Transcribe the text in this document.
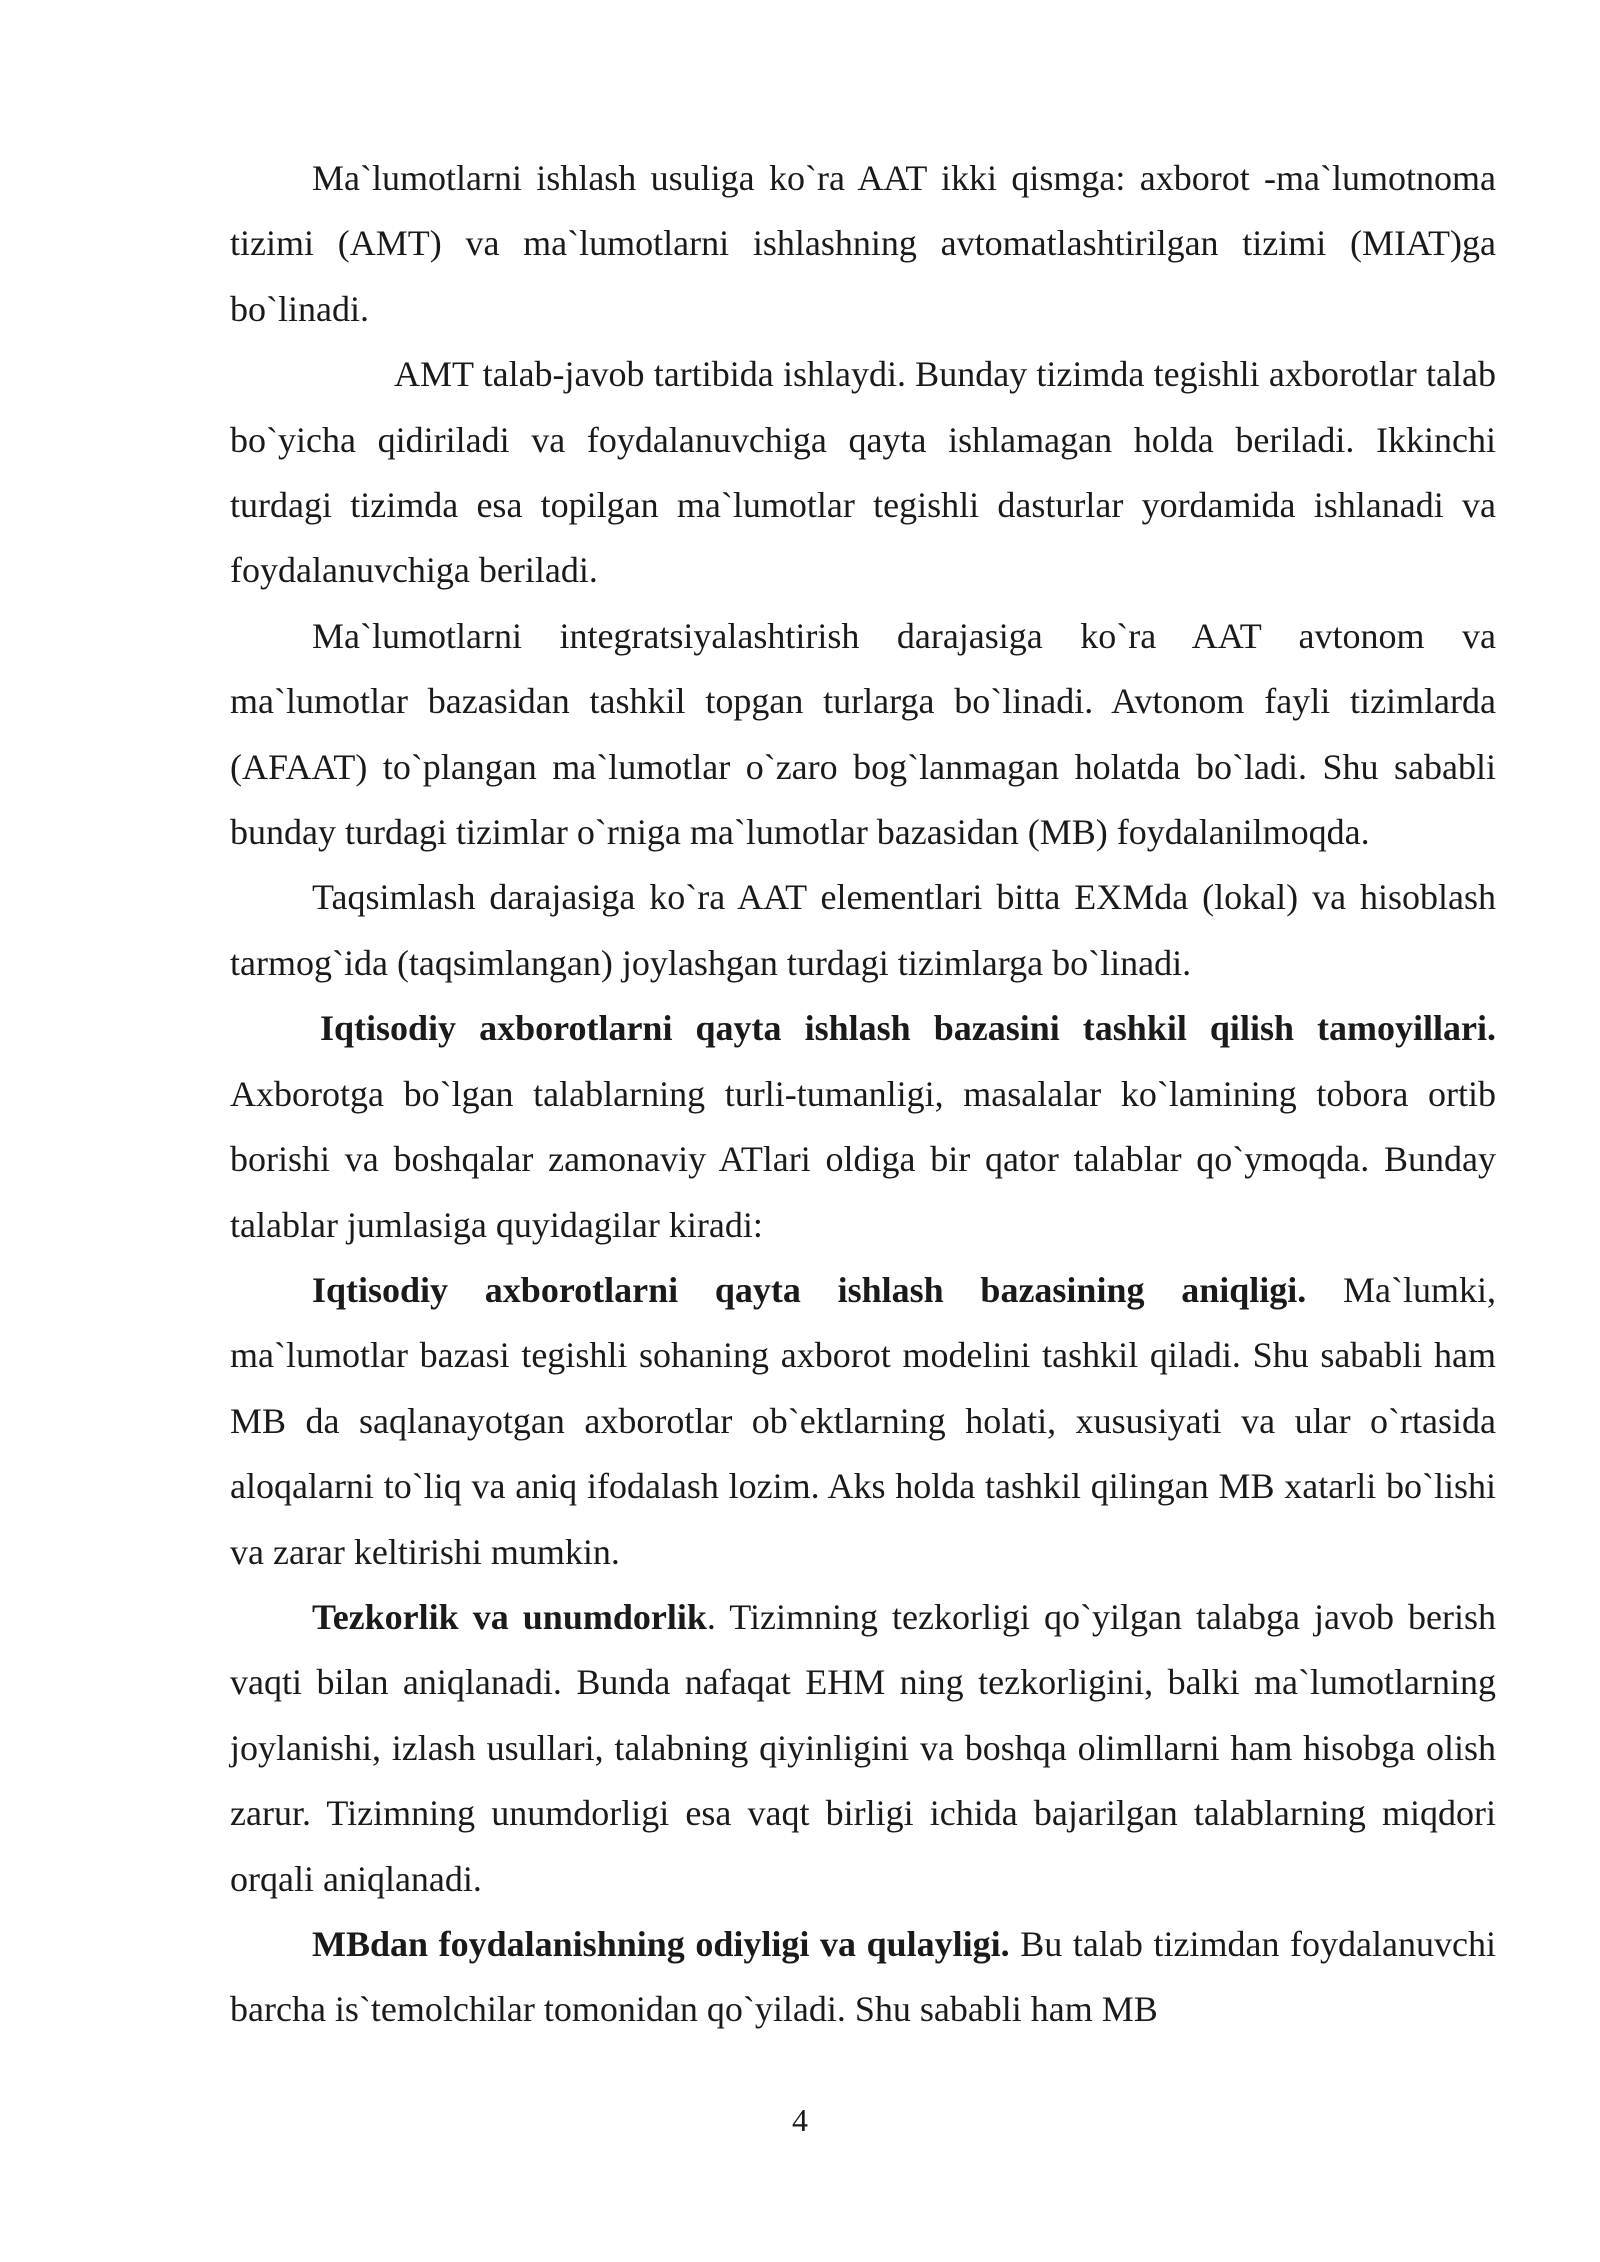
Ma`lumotlarni ishlash usuliga ko`ra AAT ikki qismga: axborot -ma`lumotnoma tizimi (AMT) va ma`lumotlarni ishlashning avtomatlashtirilgan tizimi (MIAT)ga bo`linadi.

AMT talab-javob tartibida ishlaydi. Bunday tizimda tegishli axborotlar talab bo`yicha qidiriladi va foydalanuvchiga qayta ishlamagan holda beriladi. Ikkinchi turdagi tizimda esa topilgan ma`lumotlar tegishli dasturlar yordamida ishlanadi va foydalanuvchiga beriladi.

Ma`lumotlarni integratsiyalashtirish darajasiga ko`ra AAT avtonom va ma`lumotlar bazasidan tashkil topgan turlarga bo`linadi. Avtonom fayli tizimlarda (AFAAT) to`plangan ma`lumotlar o`zaro bog`lanmagan holatda bo`ladi. Shu sababli bunday turdagi tizimlar o`rniga ma`lumotlar bazasidan (MB) foydalanilmoqda.

Taqsimlash darajasiga ko`ra AAT elementlari bitta EXMda (lokal) va hisoblash tarmog`ida (taqsimlangan) joylashgan turdagi tizimlarga bo`linadi.

Iqtisodiy axborotlarni qayta ishlash bazasini tashkil qilish tamoyillari. Axborotga bo`lgan talablarning turli-tumanligi, masalalar ko`lamining tobora ortib borishi va boshqalar zamonaviy ATlari oldiga bir qator talablar qo`ymoqda. Bunday talablar jumlasiga quyidagilar kiradi:

Iqtisodiy axborotlarni qayta ishlash bazasining aniqligi. Ma`lumki, ma`lumotlar bazasi tegishli sohaning axborot modelini tashkil qiladi. Shu sababli ham MB da saqlanayotgan axborotlar ob`ektlarning holati, xususiyati va ular o`rtasida aloqalarni to`liq va aniq ifodalash lozim. Aks holda tashkil qilingan MB xatarli bo`lishi va zarar keltirishi mumkin.

Tezkorlik va unumdorlik. Tizimning tezkorligi qo`yilgan talabga javob berish vaqti bilan aniqlanadi. Bunda nafaqat EHM ning tezkorligini, balki ma`lumotlarning joylanishi, izlash usullari, talabning qiyinligini va boshqa olimllarni ham hisobga olish zarur. Tizimning unumdorligi esa vaqt birligi ichida bajarilgan talablarning miqdori orqali aniqlanadi.

MBdan foydalanishning odiyligi va qulayligi. Bu talab tizimdan foydalanuvchi barcha is`temolchilar tomonidan qo`yiladi. Shu sababli ham MB

4
